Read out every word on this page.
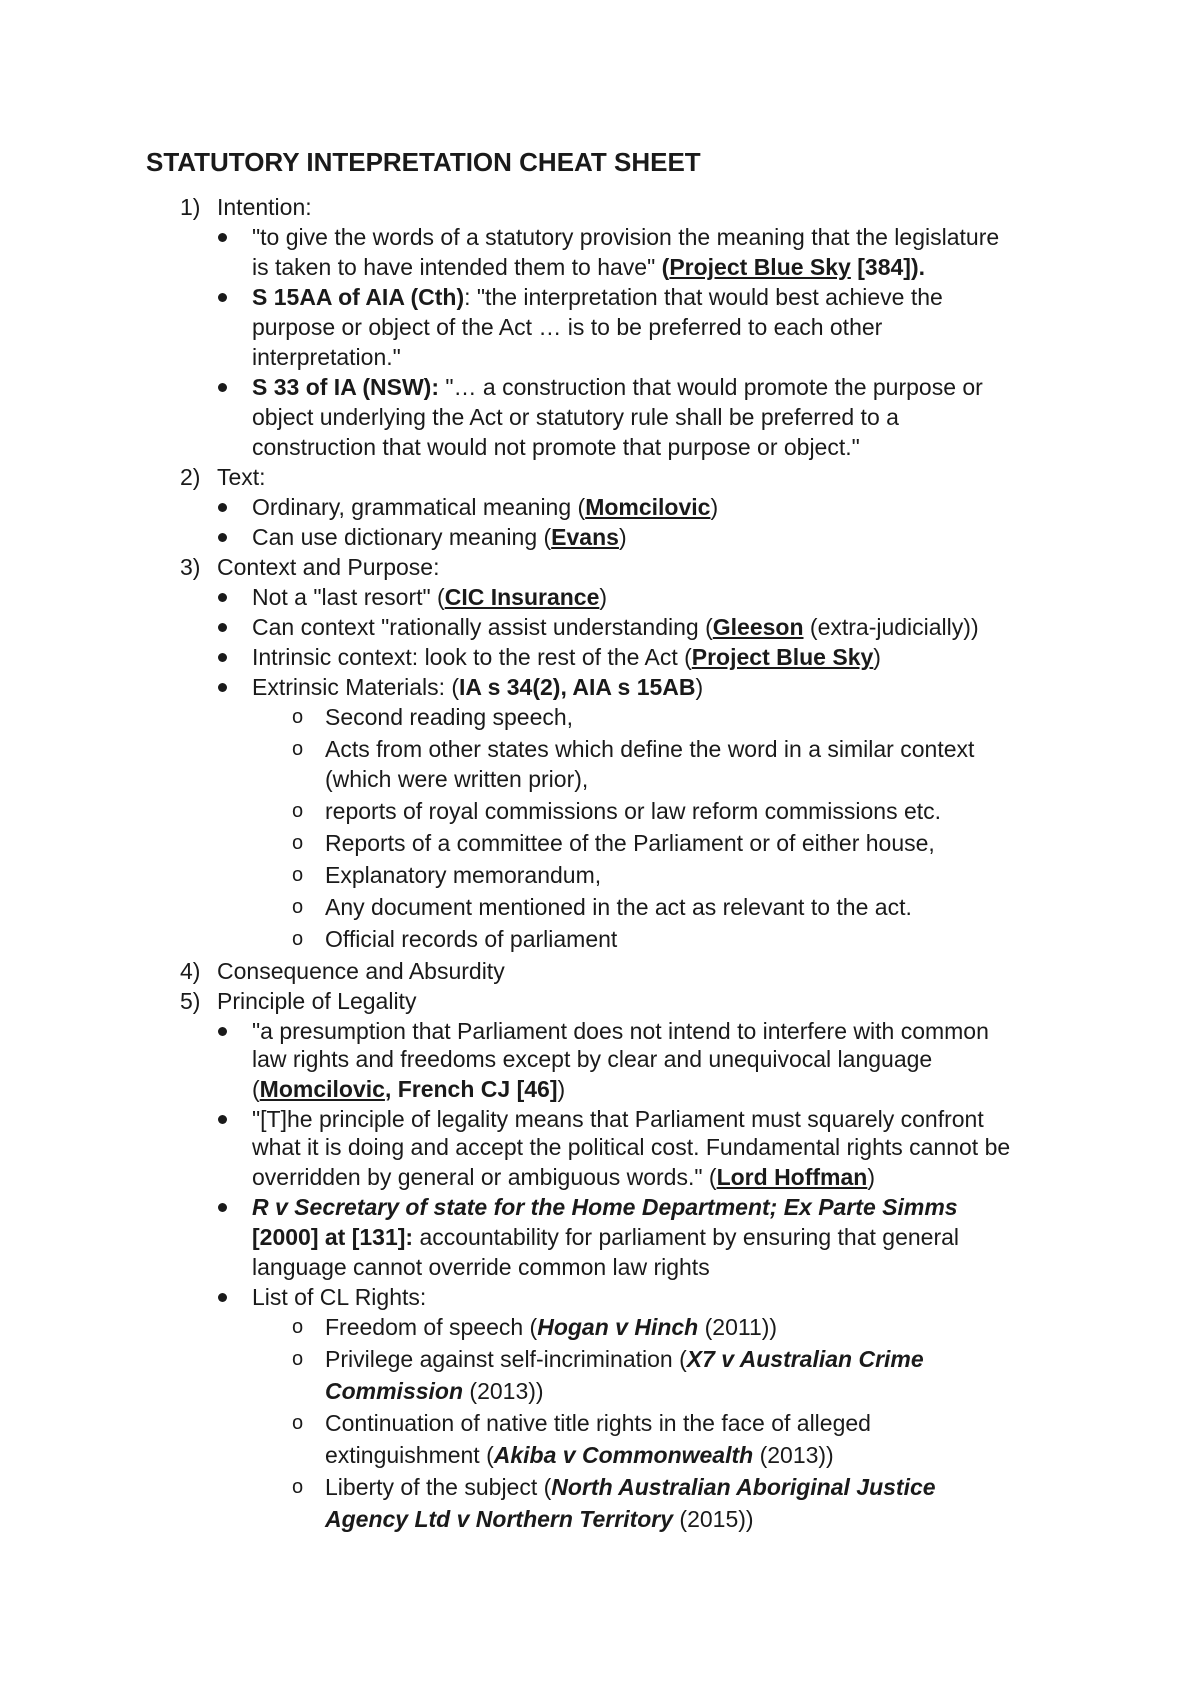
STATUTORY INTEPRETATION CHEAT SHEET
1) Intention:
"to give the words of a statutory provision the meaning that the legislature
is taken to have intended them to have" (Project Blue Sky [384]).
S 15AA of AIA (Cth): "the interpretation that would best achieve the
purpose or object of the Act … is to be preferred to each other
interpretation."
S 33 of IA (NSW): "… a construction that would promote the purpose or
object underlying the Act or statutory rule shall be preferred to a
construction that would not promote that purpose or object."
2) Text:
Ordinary, grammatical meaning (Momcilovic)
Can use dictionary meaning (Evans)
3) Context and Purpose:
Not a "last resort" (CIC Insurance)
Can context "rationally assist understanding (Gleeson (extra-judicially))
Intrinsic context: look to the rest of the Act (Project Blue Sky)
Extrinsic Materials: (IA s 34(2), AIA s 15AB)
o Second reading speech,
o Acts from other states which define the word in a similar context
(which were written prior),
o reports of royal commissions or law reform commissions etc.
o Reports of a committee of the Parliament or of either house,
o Explanatory memorandum,
o Any document mentioned in the act as relevant to the act.
o Official records of parliament
4) Consequence and Absurdity
5) Principle of Legality
"a presumption that Parliament does not intend to interfere with common
law rights and freedoms except by clear and unequivocal language
(Momcilovic, French CJ [46])
"[T]he principle of legality means that Parliament must squarely confront
what it is doing and accept the political cost. Fundamental rights cannot be
overridden by general or ambiguous words." (Lord Hoffman)
R v Secretary of state for the Home Department; Ex Parte Simms
[2000] at [131]: accountability for parliament by ensuring that general
language cannot override common law rights
List of CL Rights:
o Freedom of speech (Hogan v Hinch (2011))
o Privilege against self-incrimination (X7 v Australian Crime
Commission (2013))
o Continuation of native title rights in the face of alleged
extinguishment (Akiba v Commonwealth (2013))
o Liberty of the subject (North Australian Aboriginal Justice
Agency Ltd v Northern Territory (2015))
